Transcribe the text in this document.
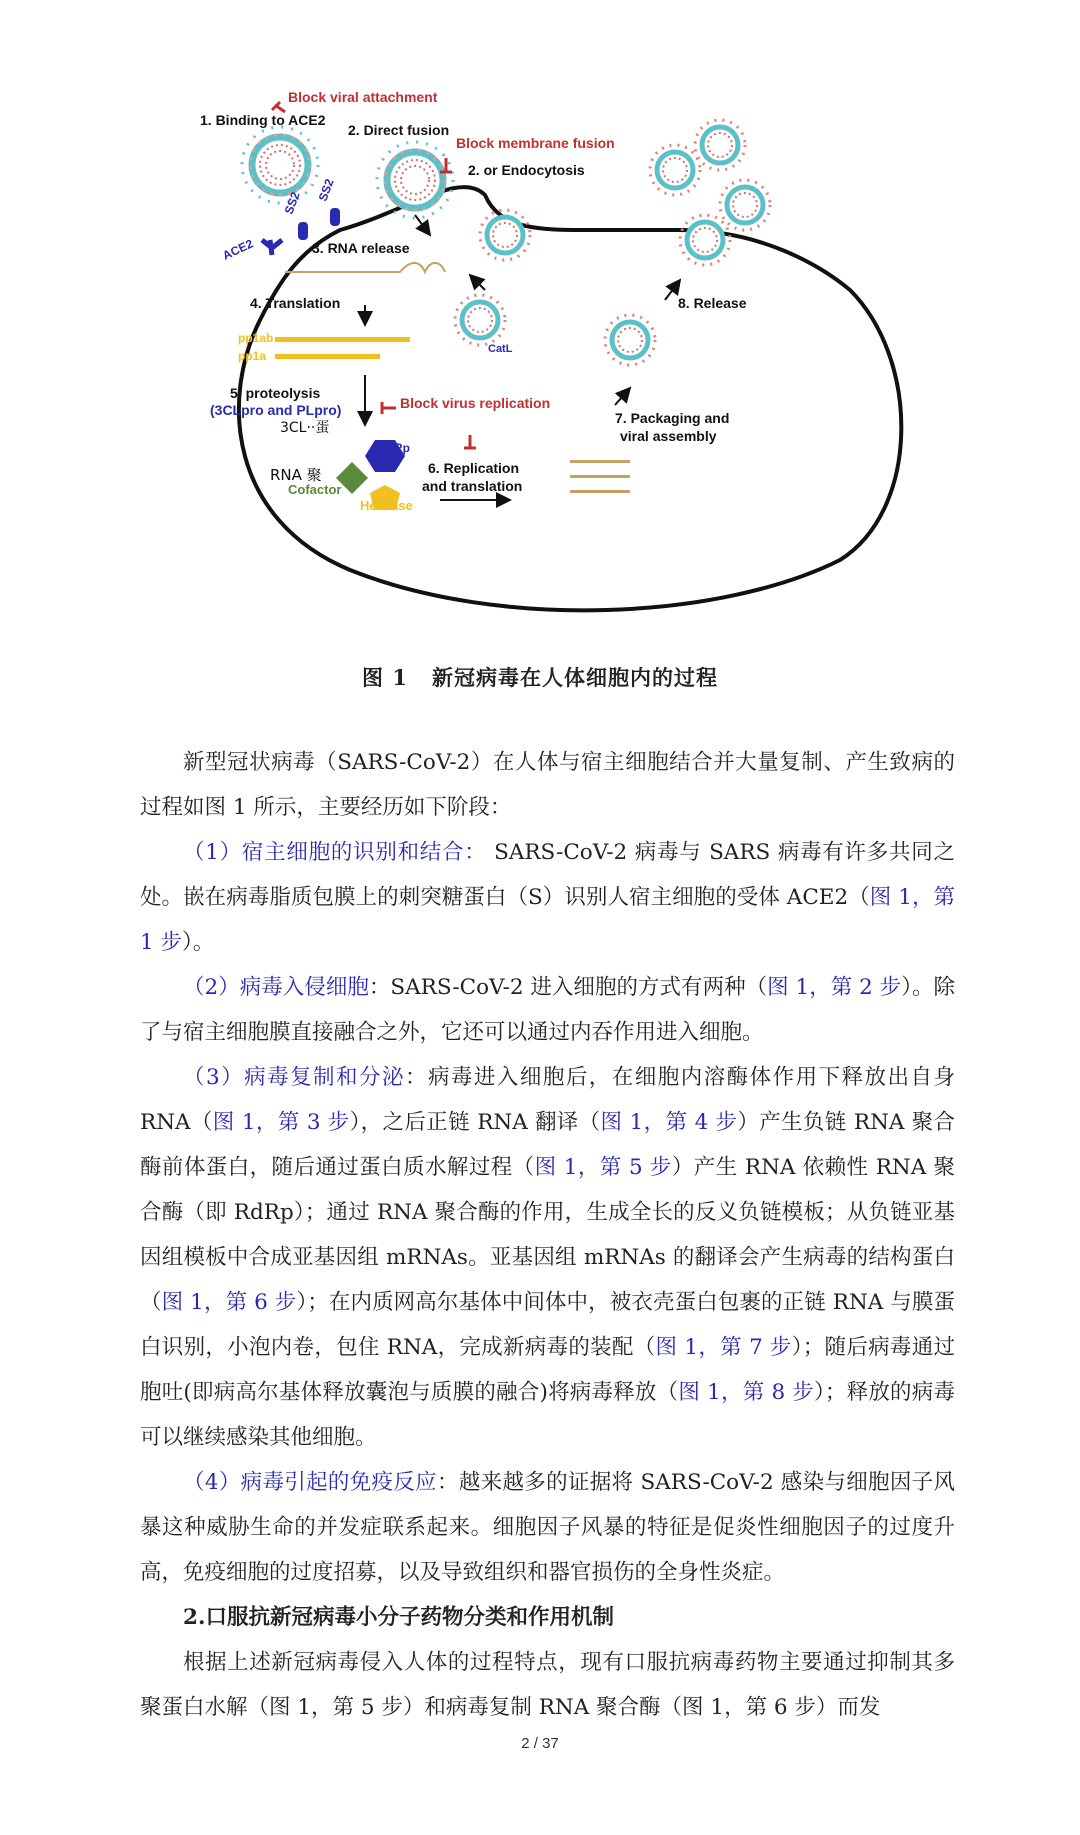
Block viral attachment
1. Binding to ACE2
2. Direct fusion
Block membrane fusion
2. or Endocytosis
SS2 SS2
ACE2	3. RNA release
4. Translation
pp1ab
pp1a	CatL
8. Release
5. proteolysis
(3CLpro and PLpro)
3CL··蛋
Block virus replication
7. Packaging and
viral assembly
RdRp
RNA 聚
Cofactor
Helicase
6. Replication
and translation
图 1 新冠病毒在人体细胞内的过程

新型冠状病毒（SARS-CoV-2）在人体与宿主细胞结合并大量复制、产生致病的过程如图 1 所示，主要经历如下阶段：

（1）宿主细胞的识别和结合： SARS-CoV-2 病毒与 SARS 病毒有许多共同之处。嵌在病毒脂质包膜上的刺突糖蛋白（S）识别人宿主细胞的受体 ACE2（图 1，第 1 步）。

（2）病毒入侵细胞：SARS-CoV-2 进入细胞的方式有两种（图 1，第 2 步）。除了与宿主细胞膜直接融合之外，它还可以通过内吞作用进入细胞。

（3）病毒复制和分泌：病毒进入细胞后，在细胞内溶酶体作用下释放出自身 RNA（图 1，第 3 步），之后正链 RNA 翻译（图 1，第 4 步）产生负链 RNA 聚合酶前体蛋白，随后通过蛋白质水解过程（图 1，第 5 步）产生 RNA 依赖性 RNA 聚合酶（即 RdRp）；通过 RNA 聚合酶的作用，生成全长的反义负链模板；从负链亚基因组模板中合成亚基因组 mRNAs。亚基因组 mRNAs 的翻译会产生病毒的结构蛋白（图 1，第 6 步）；在内质网高尔基体中间体中，被衣壳蛋白包裹的正链 RNA 与膜蛋白识别，小泡内卷，包住 RNA，完成新病毒的装配（图 1，第 7 步）；随后病毒通过胞吐(即病高尔基体释放囊泡与质膜的融合)将病毒释放（图 1，第 8 步）；释放的病毒可以继续感染其他细胞。

（4）病毒引起的免疫反应：越来越多的证据将 SARS-CoV-2 感染与细胞因子风暴这种威胁生命的并发症联系起来。细胞因子风暴的特征是促炎性细胞因子的过度升高，免疫细胞的过度招募，以及导致组织和器官损伤的全身性炎症。

2.口服抗新冠病毒小分子药物分类和作用机制

根据上述新冠病毒侵入人体的过程特点，现有口服抗病毒药物主要通过抑制其多聚蛋白水解（图 1，第 5 步）和病毒复制 RNA 聚合酶（图 1，第 6 步）而发

2 / 37
